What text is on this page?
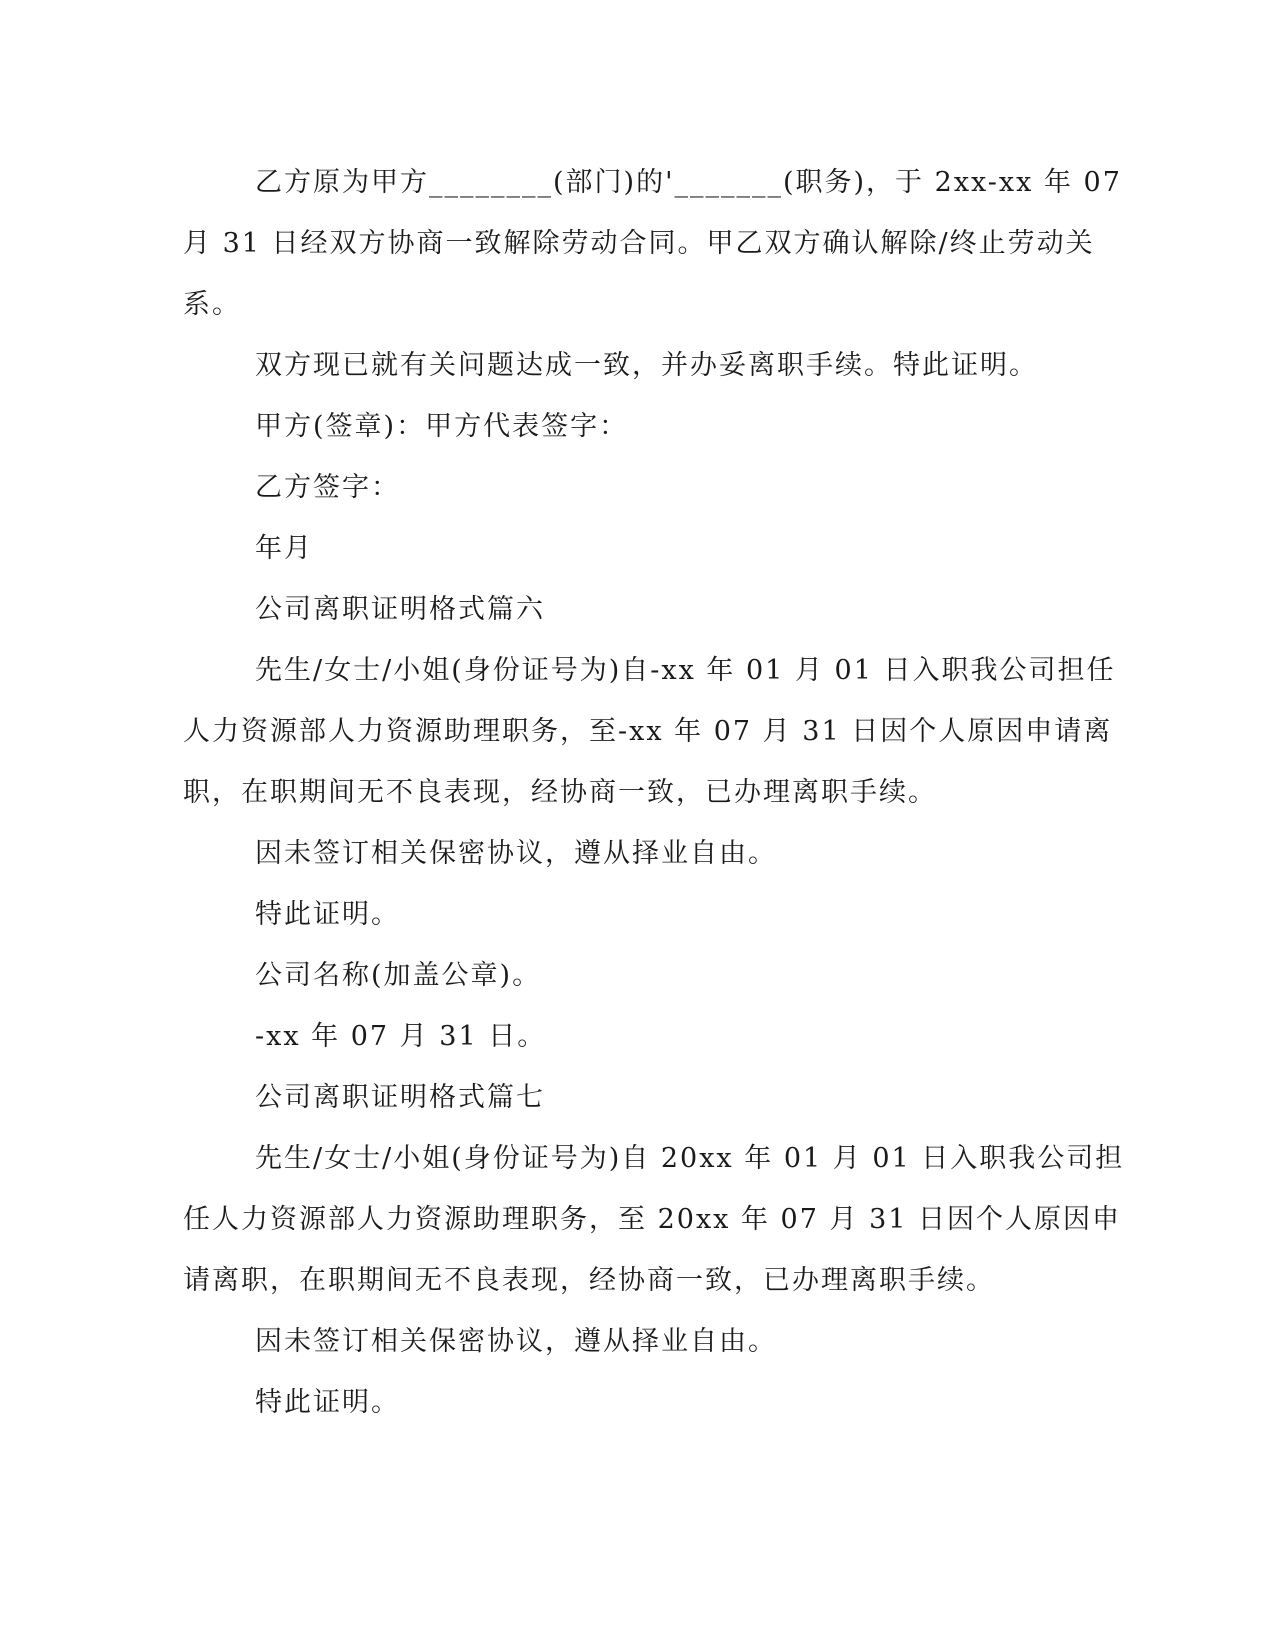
乙方原为甲方________(部门)的'_______(职务)，于 2xx-xx 年 07
月 31 日经双方协商一致解除劳动合同。甲乙双方确认解除/终止劳动关
系。

双方现已就有关问题达成一致，并办妥离职手续。特此证明。

甲方(签章)：甲方代表签字：

乙方签字：

年月

公司离职证明格式篇六

先生/女士/小姐(身份证号为)自-xx 年 01 月 01 日入职我公司担任
人力资源部人力资源助理职务，至-xx 年 07 月 31 日因个人原因申请离
职，在职期间无不良表现，经协商一致，已办理离职手续。

因未签订相关保密协议，遵从择业自由。

特此证明。

公司名称(加盖公章)。

-xx 年 07 月 31 日。

公司离职证明格式篇七

先生/女士/小姐(身份证号为)自 20xx 年 01 月 01 日入职我公司担
任人力资源部人力资源助理职务，至 20xx 年 07 月 31 日因个人原因申
请离职，在职期间无不良表现，经协商一致，已办理离职手续。

因未签订相关保密协议，遵从择业自由。

特此证明。
